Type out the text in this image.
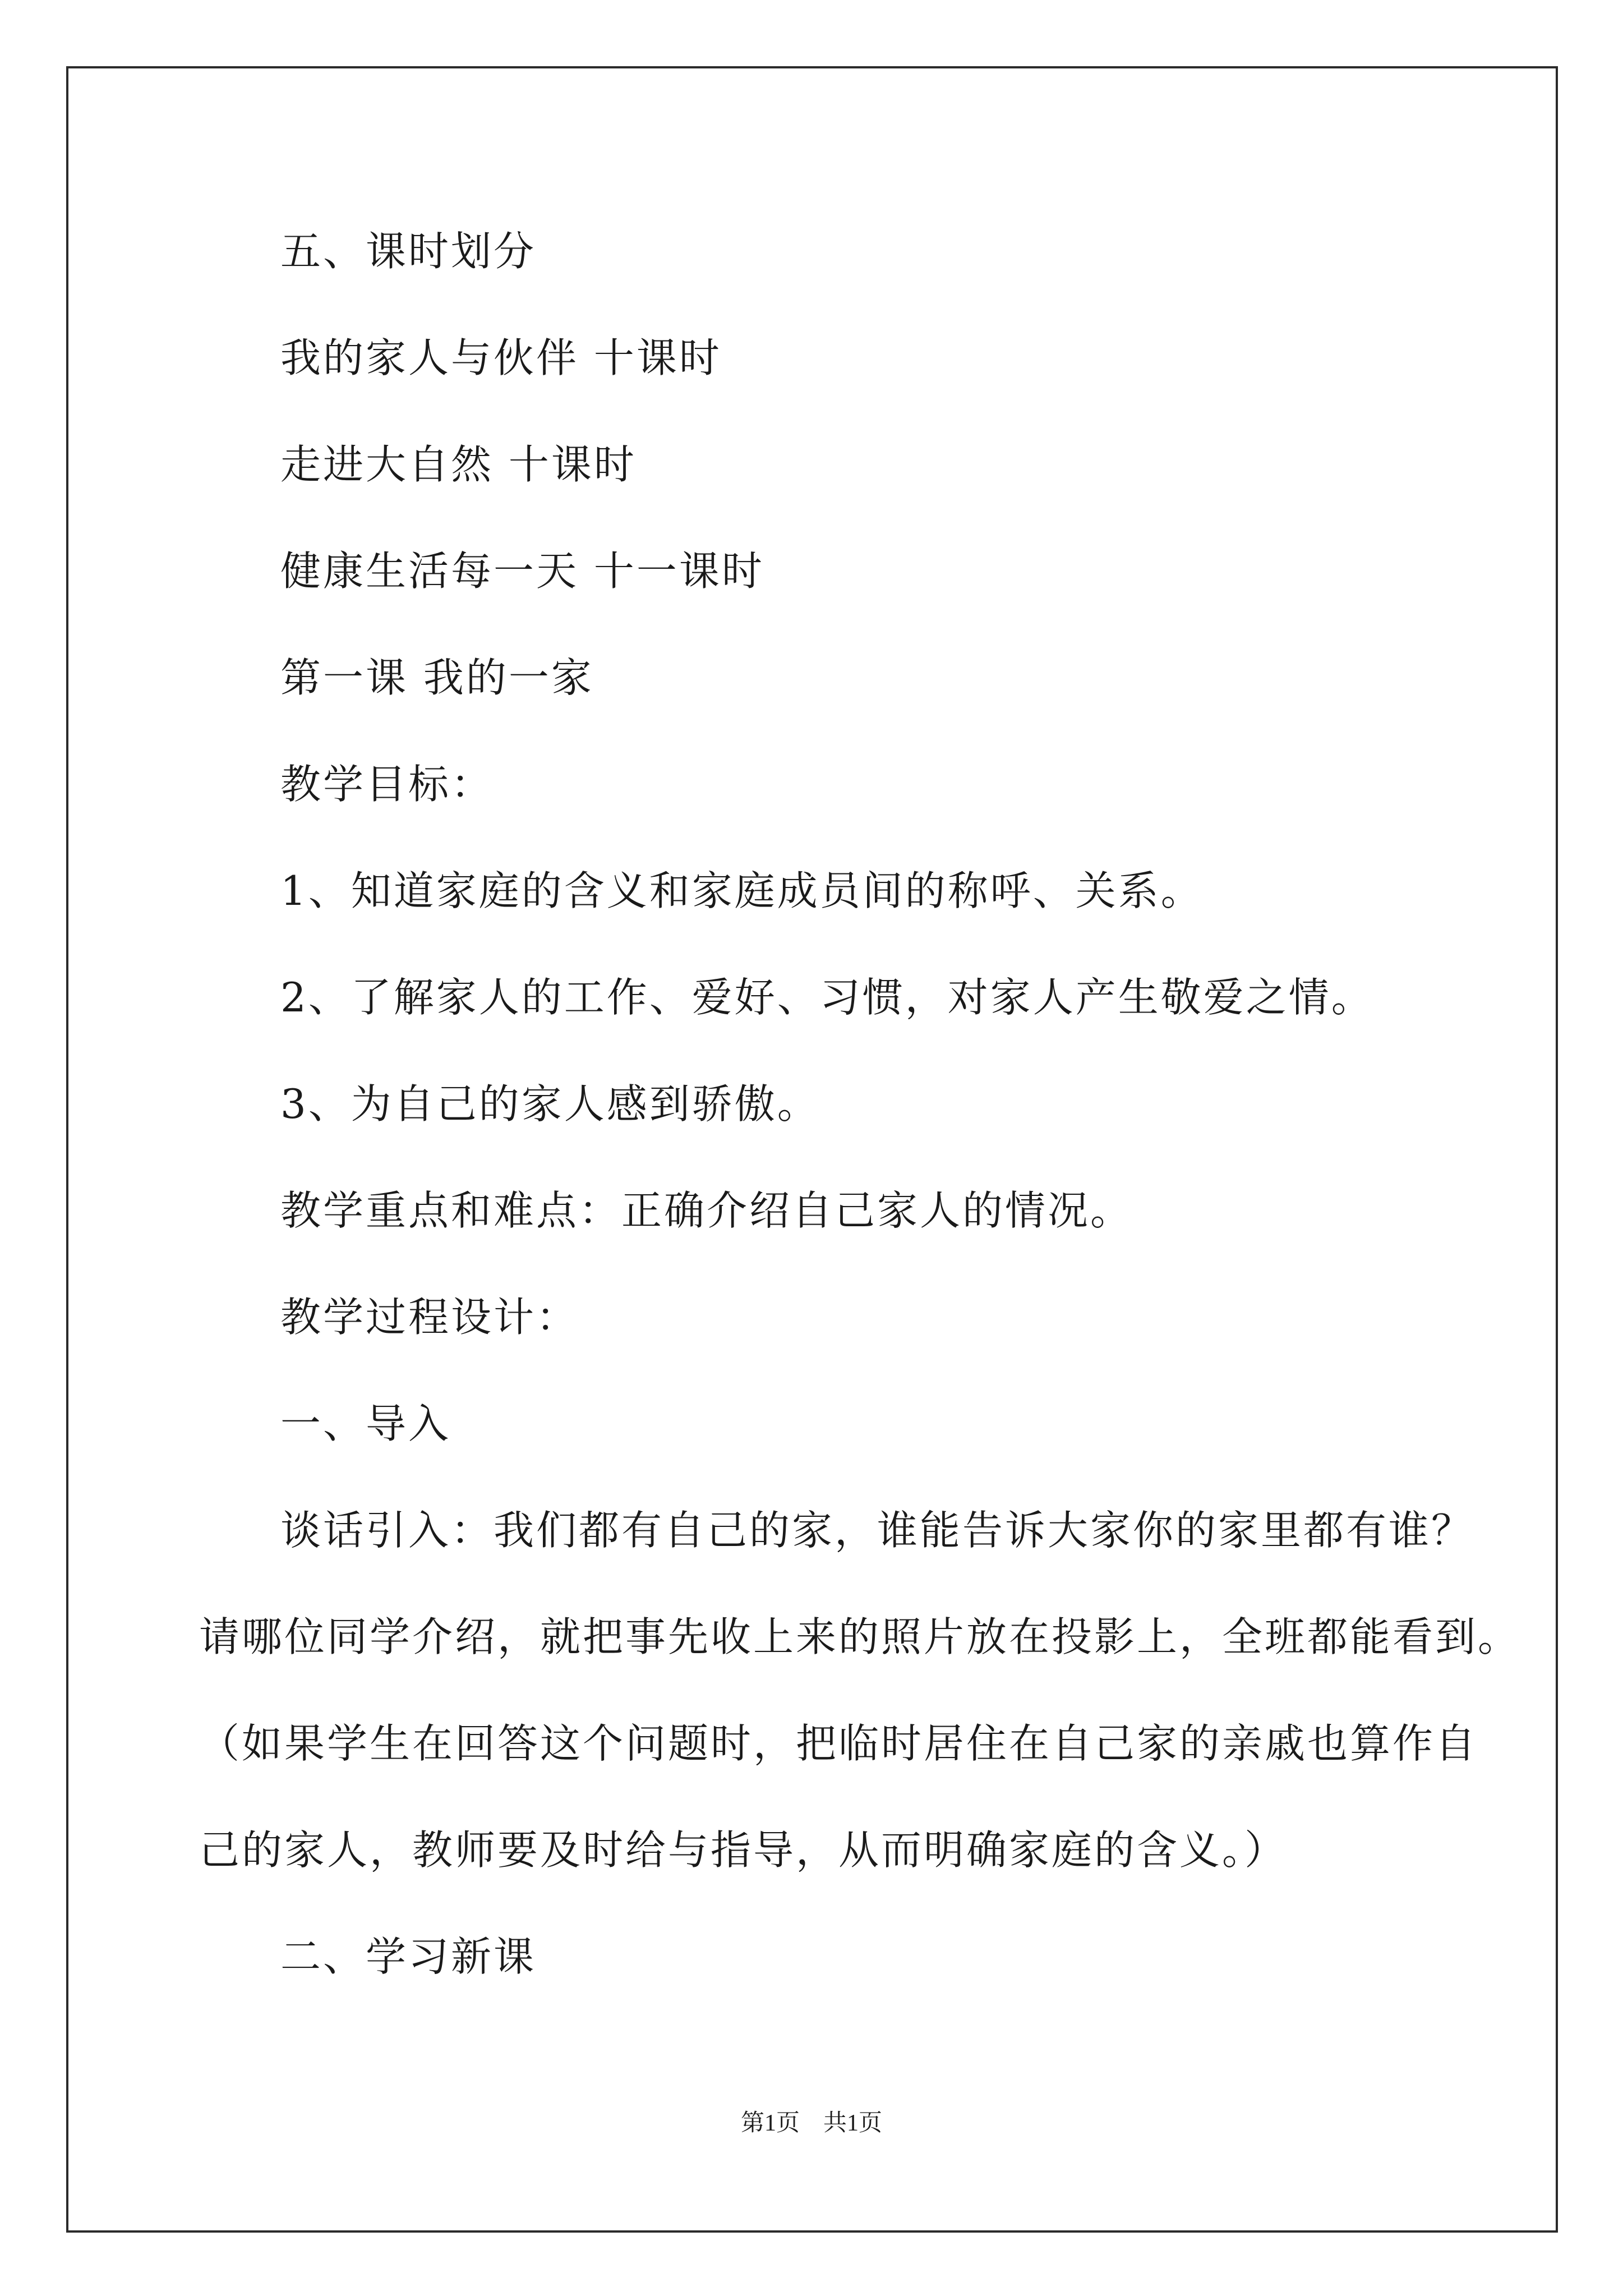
五、课时划分
我的家人与伙伴 十课时
走进大自然 十课时
健康生活每一天 十一课时
第一课 我的一家
教学目标：
1、知道家庭的含义和家庭成员间的称呼、关系。
2、了解家人的工作、爱好、习惯，对家人产生敬爱之情。
3、为自己的家人感到骄傲。
教学重点和难点：正确介绍自己家人的情况。
教学过程设计：
一、导入
谈话引入：我们都有自己的家，谁能告诉大家你的家里都有谁？
请哪位同学介绍，就把事先收上来的照片放在投影上，全班都能看到。
（如果学生在回答这个问题时，把临时居住在自己家的亲戚也算作自
己的家人，教师要及时给与指导，从而明确家庭的含义。）
二、学习新课
第1页　共1页
